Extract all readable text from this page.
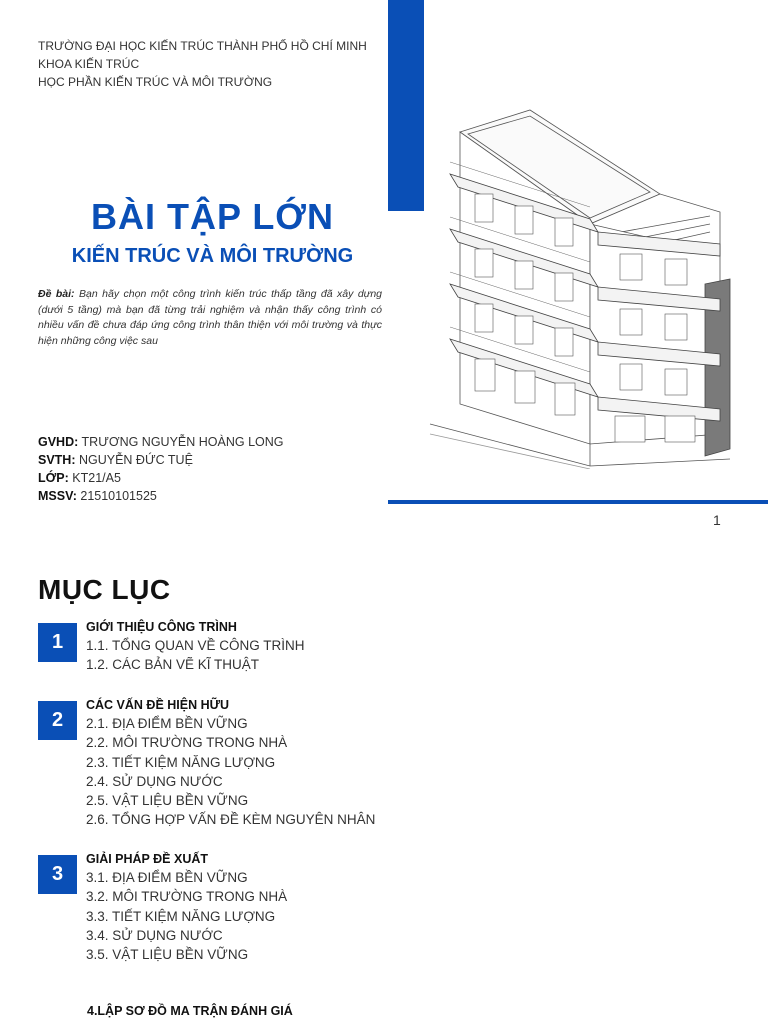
TRƯỜNG ĐẠI HỌC KIẾN TRÚC THÀNH PHỐ HỒ CHÍ MINH
KHOA KIẾN TRÚC
HỌC PHẦN KIẾN TRÚC VÀ MÔI TRƯỜNG
BÀI TẬP LỚN
KIẾN TRÚC VÀ MÔI TRƯỜNG

Đề bài: Bạn hãy chọn một công trình kiến trúc thấp tầng đã xây dựng (dưới 5 tầng) mà bạn đã từng trải nghiệm và nhận thấy công trình có nhiều vấn đề chưa đáp ứng công trình thân thiện với môi trường và thực hiện những công việc sau

GVHD: TRƯƠNG NGUYỄN HOÀNG LONG
SVTH: NGUYỄN ĐỨC TUỆ
LỚP: KT21/A5
MSSV: 21510101525
1
MỤC LỤC
1
GIỚI THIỆU CÔNG TRÌNH
1.1. TỔNG QUAN VỀ CÔNG TRÌNH
1.2. CÁC BẢN VẼ KĨ THUẬT
2
CÁC VẤN ĐỀ HIỆN HỮU
2.1. ĐỊA ĐIỂM BỀN VỮNG
2.2. MÔI TRƯỜNG TRONG NHÀ
2.3. TIẾT KIỆM NĂNG LƯỢNG
2.4. SỬ DỤNG NƯỚC
2.5. VẬT LIỆU BỀN VỮNG
2.6. TỔNG HỢP VẤN ĐỀ KÈM NGUYÊN NHÂN
3
GIẢI PHÁP ĐỀ XUẤT
3.1. ĐỊA ĐIỂM BỀN VỮNG
3.2. MÔI TRƯỜNG TRONG NHÀ
3.3. TIẾT KIỆM NĂNG LƯỢNG
3.4. SỬ DỤNG NƯỚC
3.5. VẬT LIỆU BỀN VỮNG
4.LẬP SƠ ĐỒ MA TRẬN ĐÁNH GIÁ
